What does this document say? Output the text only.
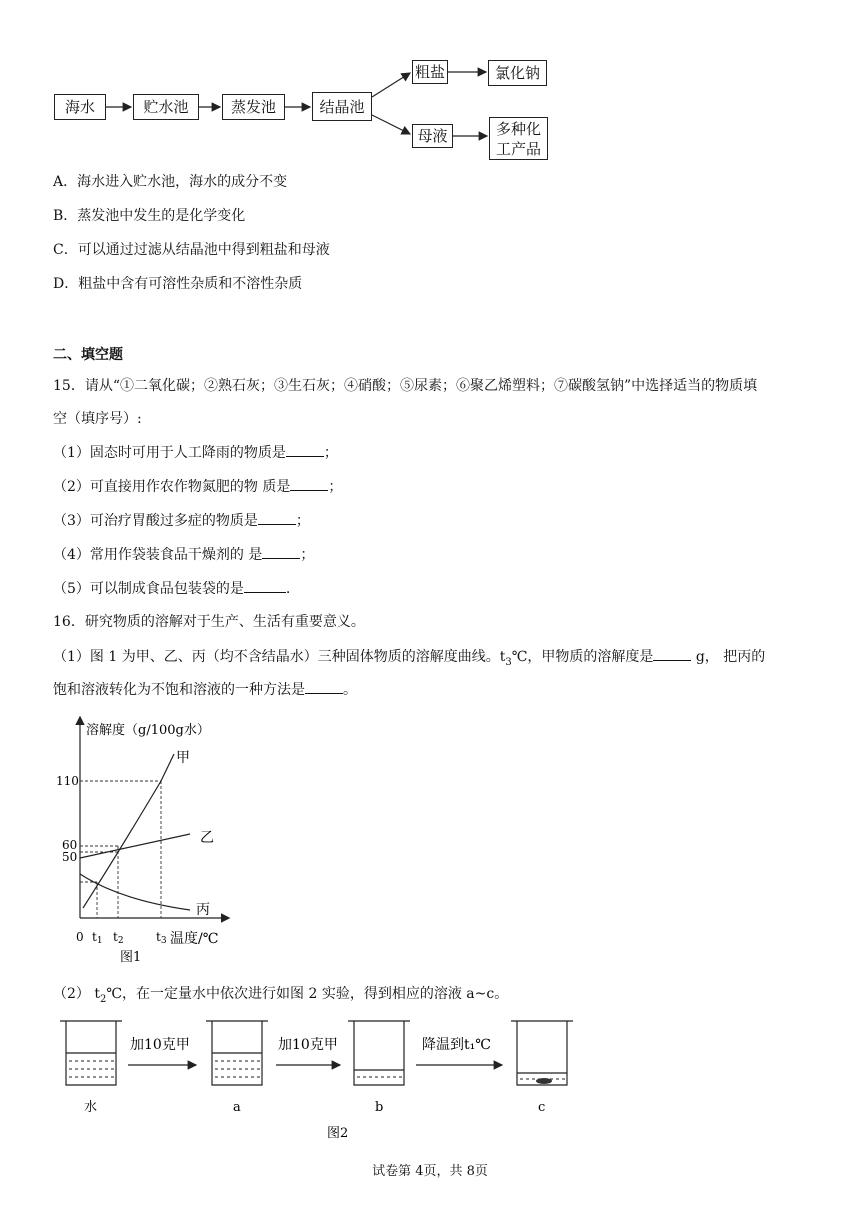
海水	贮水池	蒸发池	结晶池
粗盐	氯化钠
母液	多种化
工产品
A．海水进入贮水池，海水的成分不变
B．蒸发池中发生的是化学变化
C．可以通过过滤从结晶池中得到粗盐和母液
D．粗盐中含有可溶性杂质和不溶性杂质
二、填空题
15．请从“①二氧化碳；②熟石灰；③生石灰；④硝酸；⑤尿素；⑥聚乙烯塑料；⑦碳酸氢钠”中选择适当的物质填
空（填序号）:
（1）固态时可用于人工降雨的物质是	；
（2）可直接用作农作物氮肥的物 质是	；
（3）可治疗胃酸过多症的物质是	；
（4）常用作袋装食品干燥剂的 是	；
（5）可以制成食品包装袋的是	.
16．研究物质的溶解对于生产、生活有重要意义。
（1）图 1 为甲、乙、丙（均不含结晶水）三种固体物质的溶解度曲线。$t_3℃$，甲物质的溶解度是	g， 把丙的
饱和溶液转化为不饱和溶液的一种方法是	。
110
60
50
0 t1 t2	t3
溶解度（g/100g水）
温度/℃
甲
乙
丙
图1
（2） $t_2℃$，在一定量水中依次进行如图 2 实验，得到相应的溶液 a~c。
加10克甲	加10克甲	降温到t₁℃
水	a	b	c
图2
试卷第 4页，共 8页
